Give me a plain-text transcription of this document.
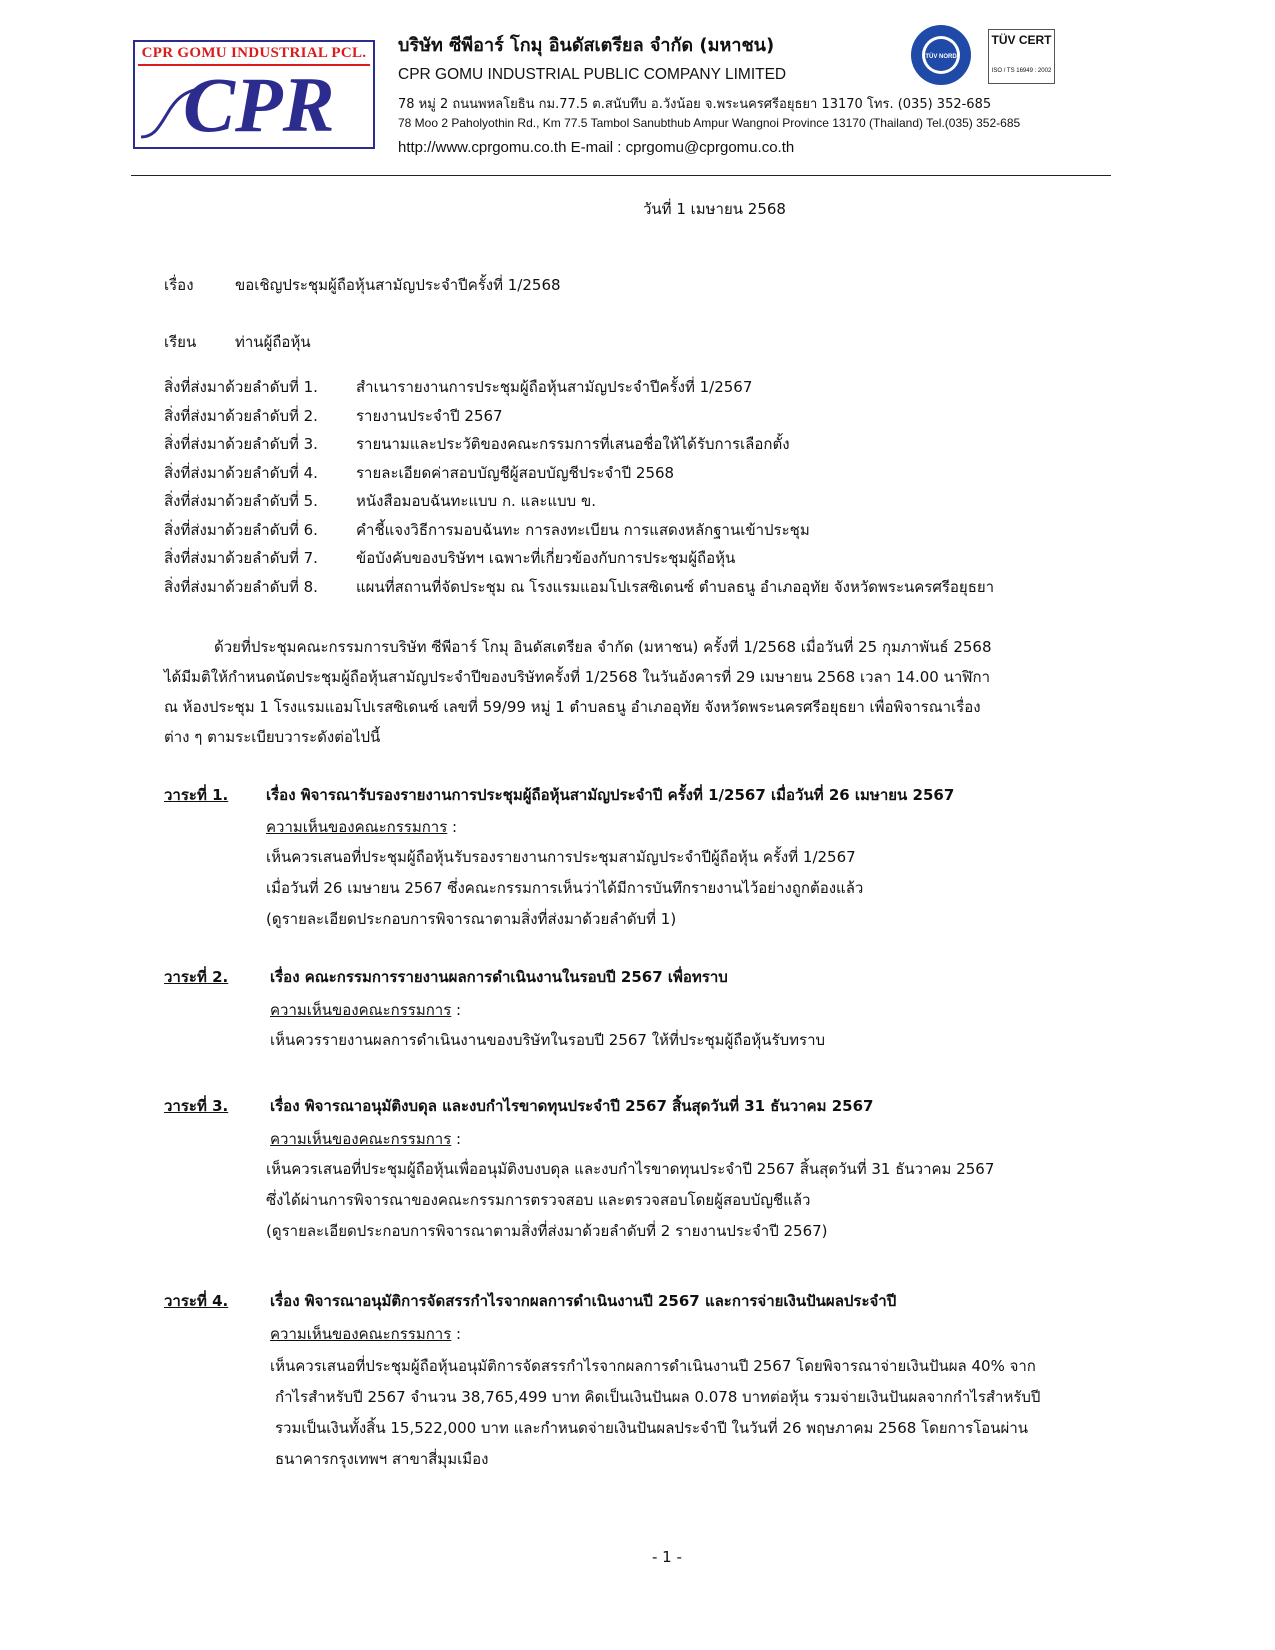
CPR GOMU INDUSTRIAL PCL.
CPR
บริษัท ซีพีอาร์ โกมุ อินดัสเตรียล จำกัด (มหาชน)
CPR GOMU INDUSTRIAL PUBLIC COMPANY LIMITED
78 หมู่ 2 ถนนพหลโยธิน กม.77.5 ต.สนับทึบ อ.วังน้อย จ.พระนครศรีอยุธยา 13170 โทร. (035) 352-685
78 Moo 2 Paholyothin Rd., Km 77.5 Tambol Sanubthub Ampur Wangnoi Province 13170 (Thailand) Tel.(035) 352-685
http://www.cprgomu.co.th E-mail : cprgomu@cprgomu.co.th
TÜV NORD
TÜV CERT
ISO / TS 16949 : 2002
วันที่ 1 เมษายน 2568
เรื่อง	ขอเชิญประชุมผู้ถือหุ้นสามัญประจำปีครั้งที่ 1/2568
เรียน	ท่านผู้ถือหุ้น
สิ่งที่ส่งมาด้วยลำดับที่ 1.	สำเนารายงานการประชุมผู้ถือหุ้นสามัญประจำปีครั้งที่ 1/2567
สิ่งที่ส่งมาด้วยลำดับที่ 2.	รายงานประจำปี 2567
สิ่งที่ส่งมาด้วยลำดับที่ 3.	รายนามและประวัติของคณะกรรมการที่เสนอชื่อให้ได้รับการเลือกตั้ง
สิ่งที่ส่งมาด้วยลำดับที่ 4.	รายละเอียดค่าสอบบัญชีผู้สอบบัญชีประจำปี 2568
สิ่งที่ส่งมาด้วยลำดับที่ 5.	หนังสือมอบฉันทะแบบ ก. และแบบ ข.
สิ่งที่ส่งมาด้วยลำดับที่ 6.	คำชี้แจงวิธีการมอบฉันทะ การลงทะเบียน การแสดงหลักฐานเข้าประชุม
สิ่งที่ส่งมาด้วยลำดับที่ 7.	ข้อบังคับของบริษัทฯ เฉพาะที่เกี่ยวข้องกับการประชุมผู้ถือหุ้น
สิ่งที่ส่งมาด้วยลำดับที่ 8.	แผนที่สถานที่จัดประชุม ณ โรงแรมแอมโปเรสซิเดนซ์ ตำบลธนู อำเภออุทัย จังหวัดพระนครศรีอยุธยา
ด้วยที่ประชุมคณะกรรมการบริษัท ซีพีอาร์ โกมุ อินดัสเตรียล จำกัด (มหาชน) ครั้งที่ 1/2568 เมื่อวันที่ 25 กุมภาพันธ์ 2568
ได้มีมติให้กำหนดนัดประชุมผู้ถือหุ้นสามัญประจำปีของบริษัทครั้งที่ 1/2568 ในวันอังคารที่ 29 เมษายน 2568 เวลา 14.00 นาฬิกา
ณ ห้องประชุม 1 โรงแรมแอมโปเรสซิเดนซ์ เลขที่ 59/99 หมู่ 1 ตำบลธนู อำเภออุทัย จังหวัดพระนครศรีอยุธยา เพื่อพิจารณาเรื่อง
ต่าง ๆ ตามระเบียบวาระดังต่อไปนี้
วาระที่ 1.	เรื่อง พิจารณารับรองรายงานการประชุมผู้ถือหุ้นสามัญประจำปี ครั้งที่ 1/2567 เมื่อวันที่ 26 เมษายน 2567
ความเห็นของคณะกรรมการ :
เห็นควรเสนอที่ประชุมผู้ถือหุ้นรับรองรายงานการประชุมสามัญประจำปีผู้ถือหุ้น ครั้งที่ 1/2567
เมื่อวันที่ 26 เมษายน 2567 ซึ่งคณะกรรมการเห็นว่าได้มีการบันทึกรายงานไว้อย่างถูกต้องแล้ว
(ดูรายละเอียดประกอบการพิจารณาตามสิ่งที่ส่งมาด้วยลำดับที่ 1)
วาระที่ 2.	เรื่อง คณะกรรมการรายงานผลการดำเนินงานในรอบปี 2567 เพื่อทราบ
ความเห็นของคณะกรรมการ :
เห็นควรรายงานผลการดำเนินงานของบริษัทในรอบปี 2567 ให้ที่ประชุมผู้ถือหุ้นรับทราบ
วาระที่ 3.	เรื่อง พิจารณาอนุมัติงบดุล และงบกำไรขาดทุนประจำปี 2567 สิ้นสุดวันที่ 31 ธันวาคม 2567
ความเห็นของคณะกรรมการ :
เห็นควรเสนอที่ประชุมผู้ถือหุ้นเพื่ออนุมัติงบงบดุล และงบกำไรขาดทุนประจำปี 2567 สิ้นสุดวันที่ 31 ธันวาคม 2567
ซึ่งได้ผ่านการพิจารณาของคณะกรรมการตรวจสอบ และตรวจสอบโดยผู้สอบบัญชีแล้ว
(ดูรายละเอียดประกอบการพิจารณาตามสิ่งที่ส่งมาด้วยลำดับที่ 2 รายงานประจำปี 2567)
วาระที่ 4.	เรื่อง พิจารณาอนุมัติการจัดสรรกำไรจากผลการดำเนินงานปี 2567 และการจ่ายเงินปันผลประจำปี
ความเห็นของคณะกรรมการ :
เห็นควรเสนอที่ประชุมผู้ถือหุ้นอนุมัติการจัดสรรกำไรจากผลการดำเนินงานปี 2567 โดยพิจารณาจ่ายเงินปันผล 40% จาก
กำไรสำหรับปี 2567 จำนวน 38,765,499 บาท คิดเป็นเงินปันผล 0.078 บาทต่อหุ้น รวมจ่ายเงินปันผลจากกำไรสำหรับปี
รวมเป็นเงินทั้งสิ้น 15,522,000 บาท และกำหนดจ่ายเงินปันผลประจำปี ในวันที่ 26 พฤษภาคม 2568 โดยการโอนผ่าน
ธนาคารกรุงเทพฯ สาขาสี่มุมเมือง
- 1 -
